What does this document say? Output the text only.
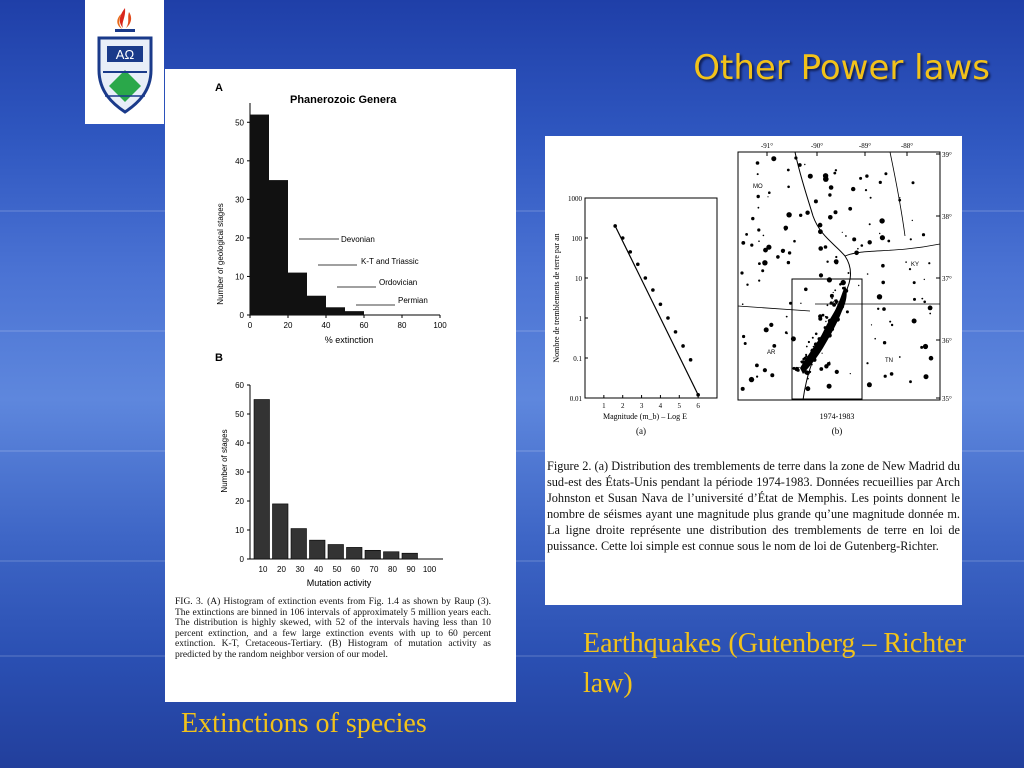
AΩ	Other Power laws
A
Phanerozoic Genera
Number of geological stages
% extinction
0
10
20
30
40
50
0	20	40	60	80	100
Devonian
K-T and Triassic
Ordovician
Permian
B
Number of stages
Mutation activity
0
10
20
30
40
50
60
10 20 30 40 50 60 70 80 90 100
FIG. 3. (A) Histogram of extinction events from Fig. 1.4 as shown by Raup (3). The extinctions are binned in 106 intervals of approximately 5 million years each. The distribution is highly skewed, with 52 of the intervals having less than 10 percent extinction, and a few large extinction events with up to 60 percent extinction. K-T, Cretaceous-Tertiary. (B) Histogram of mutation activity as predicted by the random neighbor version of our model.
Nombre de tremblements de terre par an
Magnitude (m_b) – Log E
(a)
0.01
0.1
1
10
100
1000
1 2 3 4 5 6
-91°	-90°	-89°	-88°
39°
38°
37°
36°
35°
MO
KY
AR
TN
1974-1983
(b)
Figure 2. (a) Distribution des tremblements de terre dans la zone de New Madrid du sud-est des États-Unis pendant la période 1974-1983. Données recueillies par Arch Johnston et Susan Nava de l’université d’État de Memphis. Les points donnent le nombre de séismes ayant une magnitude plus grande qu’une magnitude donnée m. La ligne droite représente une distribution des tremblements de terre en loi de puissance. Cette loi simple est connue sous le nom de loi de Gutenberg-Richter.
Extinctions of species
Earthquakes (Gutenberg – Richter law)
